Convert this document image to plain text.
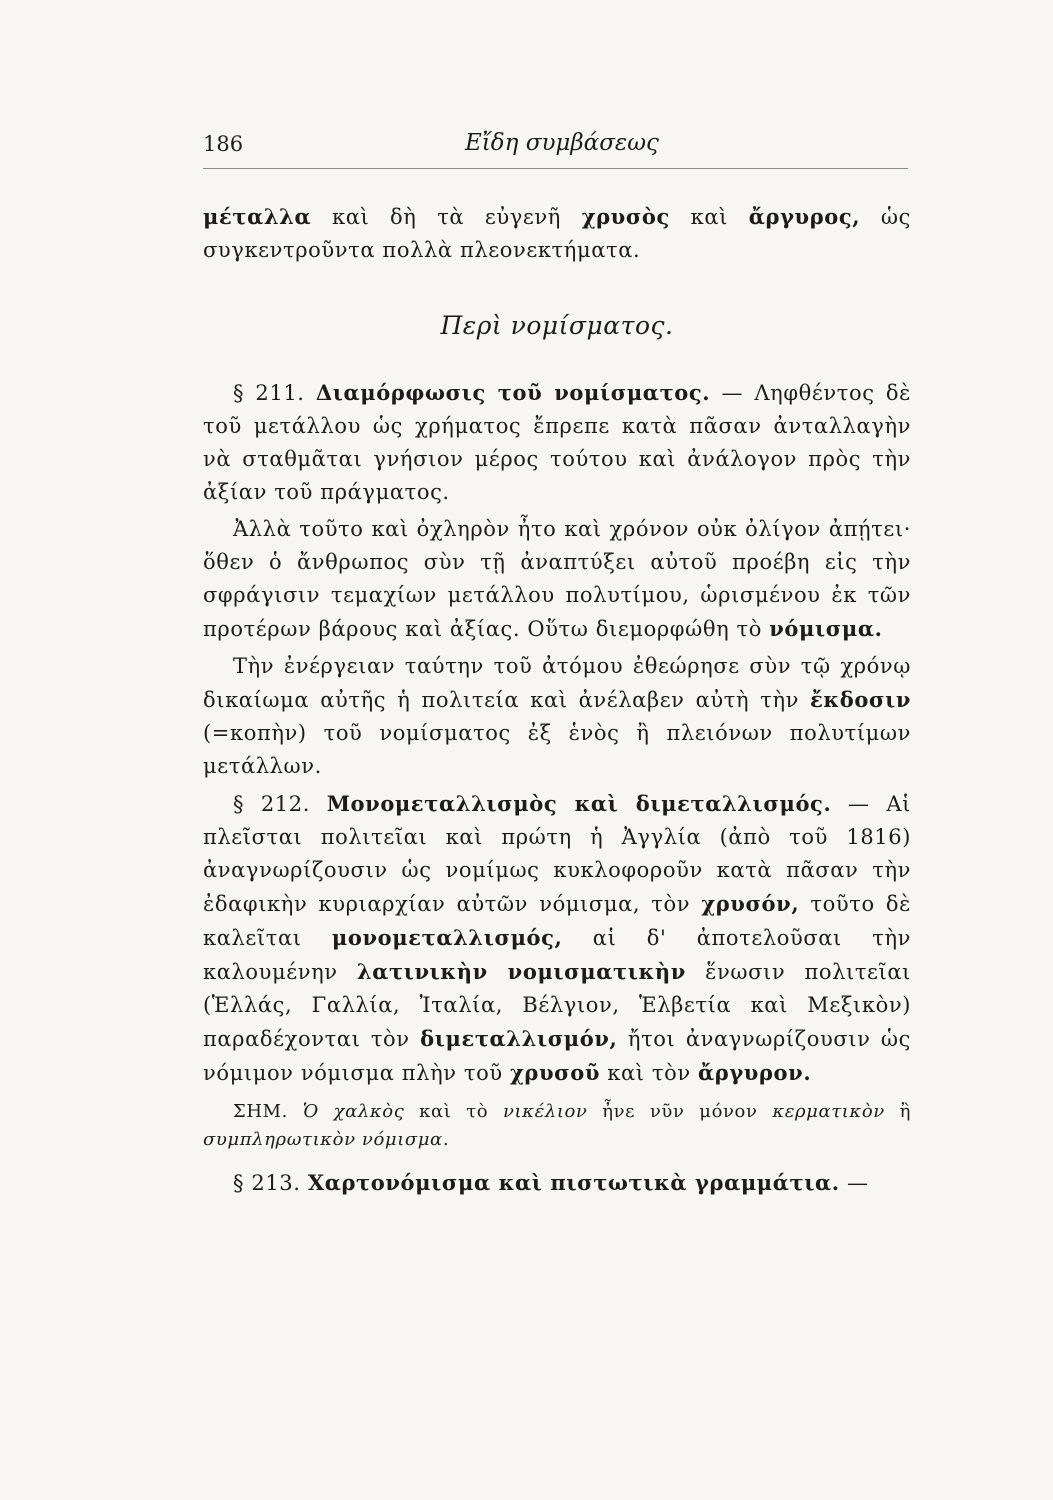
186	Εἴδη συμβάσεως

μέταλλα καὶ δὴ τὰ εὐγενῆ χρυσὸς καὶ ἄργυρος, ὡς συγκεντροῦντα πολλὰ πλεονεκτήματα.

Περὶ νομίσματος.

§ 211. Διαμόρφωσις τοῦ νομίσματος. — Ληφθέντος δὲ τοῦ μετάλλου ὡς χρήματος ἔπρεπε κατὰ πᾶσαν ἀνταλλαγὴν νὰ σταθμᾶται γνήσιον μέρος τούτου καὶ ἀνάλογον πρὸς τὴν ἀξίαν τοῦ πράγματος.

Ἀλλὰ τοῦτο καὶ ὀχληρὸν ἦτο καὶ χρόνον οὐκ ὀλίγον ἀπῄτει· ὅθεν ὁ ἄνθρωπος σὺν τῇ ἀναπτύξει αὐτοῦ προέβη εἰς τὴν σφράγισιν τεμαχίων μετάλλου πολυτίμου, ὡρισμένου ἐκ τῶν προτέρων βάρους καὶ ἀξίας. Οὕτω διεμορφώθη τὸ νόμισμα.

Τὴν ἐνέργειαν ταύτην τοῦ ἀτόμου ἐθεώρησε σὺν τῷ χρόνῳ δικαίωμα αὐτῆς ἡ πολιτεία καὶ ἀνέλαβεν αὐτὴ τὴν ἔκδοσιν (=κοπὴν) τοῦ νομίσματος ἐξ ἑνὸς ἢ πλειόνων πολυτίμων μετάλλων.

§ 212. Μονομεταλλισμὸς καὶ διμεταλλισμός. — Αἱ πλεῖσται πολιτεῖαι καὶ πρώτη ἡ Ἀγγλία (ἀπὸ τοῦ 1816) ἀναγνωρίζουσιν ὡς νομίμως κυκλοφοροῦν κατὰ πᾶσαν τὴν ἐδαφικὴν κυριαρχίαν αὐτῶν νόμισμα, τὸν χρυσόν, τοῦτο δὲ καλεῖται μονομεταλλισμός, αἱ δ' ἀποτελοῦσαι τὴν καλουμένην λατινικὴν νομισματικὴν ἕνωσιν πολιτεῖαι (Ἑλλάς, Γαλλία, Ἰταλία, Βέλγιον, Ἑλβετία καὶ Μεξικὸν) παραδέχονται τὸν διμεταλλισμόν, ἤτοι ἀναγνωρίζουσιν ὡς νόμιμον νόμισμα πλὴν τοῦ χρυσοῦ καὶ τὸν ἄργυρον.

ΣΗΜ. Ὁ χαλκὸς καὶ τὸ νικέλιον ἦνε νῦν μόνον κερματικὸν ἢ συμπληρωτικὸν νόμισμα.

§ 213. Χαρτονόμισμα καὶ πιστωτικὰ γραμμάτια. —
